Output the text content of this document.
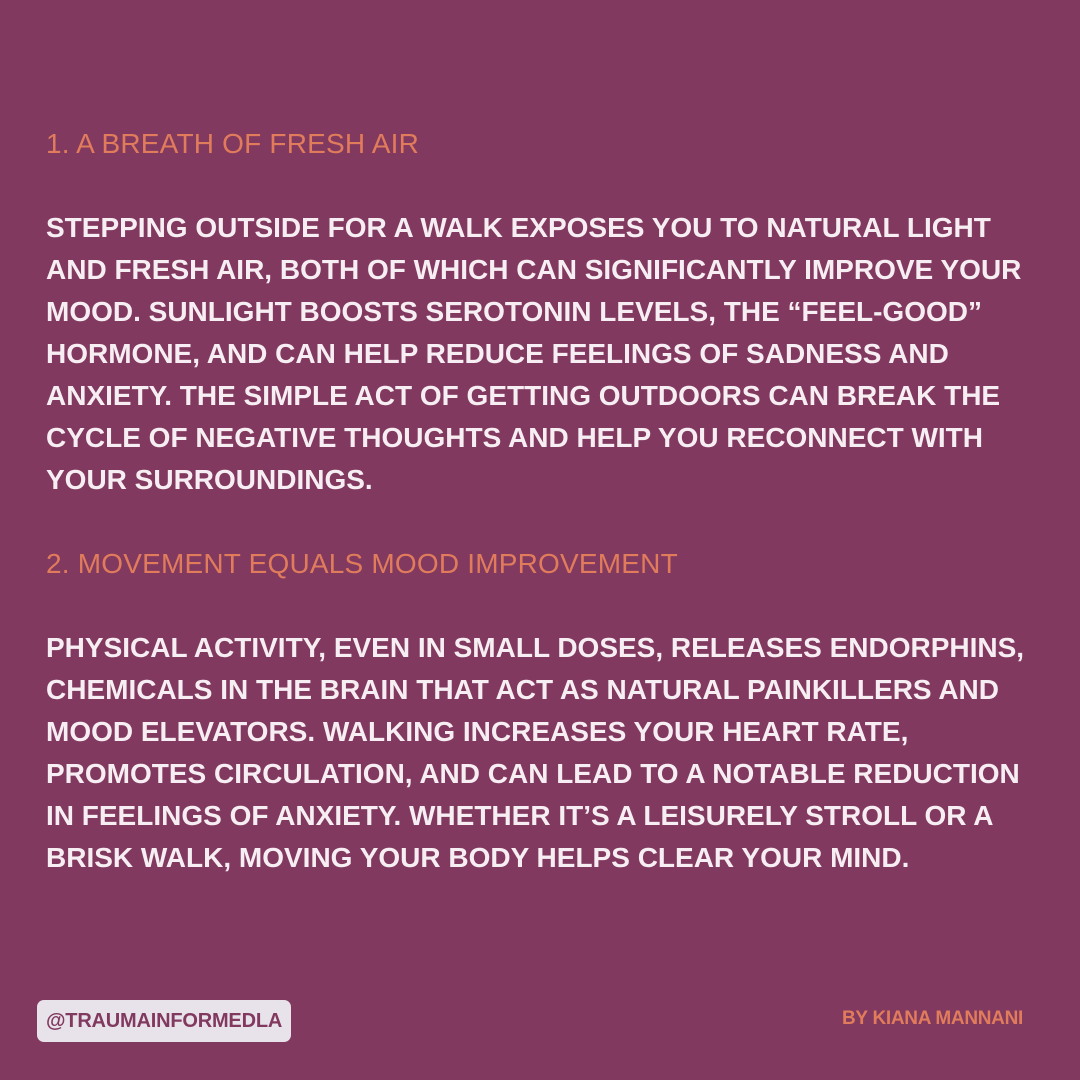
1. A BREATH OF FRESH AIR

STEPPING OUTSIDE FOR A WALK EXPOSES YOU TO NATURAL LIGHT AND FRESH AIR, BOTH OF WHICH CAN SIGNIFICANTLY IMPROVE YOUR MOOD. SUNLIGHT BOOSTS SEROTONIN LEVELS, THE “FEEL-GOOD” HORMONE, AND CAN HELP REDUCE FEELINGS OF SADNESS AND ANXIETY. THE SIMPLE ACT OF GETTING OUTDOORS CAN BREAK THE CYCLE OF NEGATIVE THOUGHTS AND HELP YOU RECONNECT WITH YOUR SURROUNDINGS.

2. MOVEMENT EQUALS MOOD IMPROVEMENT

PHYSICAL ACTIVITY, EVEN IN SMALL DOSES, RELEASES ENDORPHINS, CHEMICALS IN THE BRAIN THAT ACT AS NATURAL PAINKILLERS AND MOOD ELEVATORS. WALKING INCREASES YOUR HEART RATE, PROMOTES CIRCULATION, AND CAN LEAD TO A NOTABLE REDUCTION IN FEELINGS OF ANXIETY. WHETHER IT’S A LEISURELY STROLL OR A BRISK WALK, MOVING YOUR BODY HELPS CLEAR YOUR MIND.

@TRAUMAINFORMEDLA	BY KIANA MANNANI
